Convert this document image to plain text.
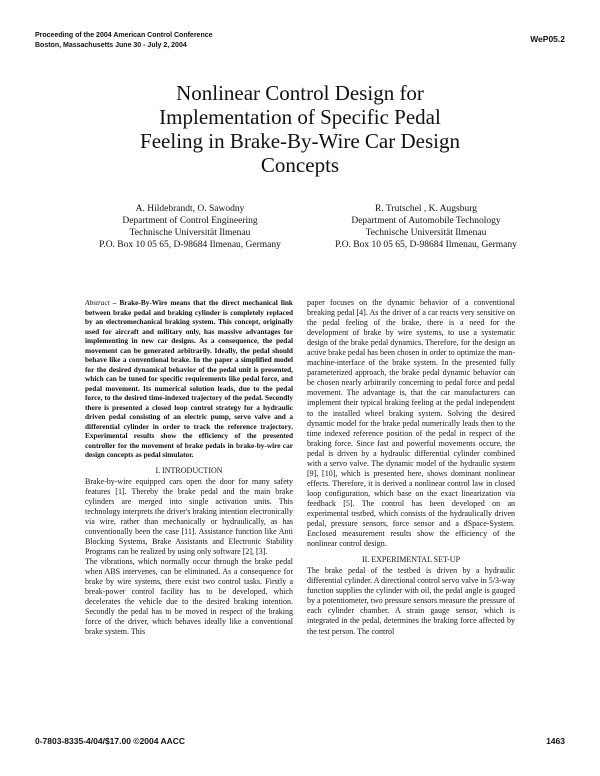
Proceeding of the 2004 American Control Conference
Boston, Massachusetts June 30 - July 2, 2004
WeP05.2
Nonlinear Control Design for
Implementation of Specific Pedal
Feeling in Brake-By-Wire Car Design
Concepts
A. Hildebrandt, O. Sawodny
Department of Control Engineering
Technische Universität Ilmenau
P.O. Box 10 05 65, D-98684 Ilmenau, Germany
R. Trutschel , K. Augsburg
Department of Automobile Technology
Technische Universität Ilmenau
P.O. Box 10 05 65, D-98684 Ilmenau, Germany

Abstract – Brake-By-Wire means that the direct mechanical link between brake pedal and braking cylinder is completely replaced by an electromechanical braking system. This concept, originally used for aircraft and military only, has massive advantages for implementing in new car designs. As a consequence, the pedal movement can be generated arbitrarily. Ideally, the pedal should behave like a conventional brake. In the paper a simplified model for the desired dynamical behavior of the pedal unit is presented, which can be tuned for specific requirements like pedal force, and pedal movement. Its numerical solution leads, due to the pedal force, to the desired time-indexed trajectory of the pedal. Secondly there is presented a closed loop control strategy for a hydraulic driven pedal consisting of an electric pump, servo valve and a differential cylinder in order to track the reference trajectory. Experimental results show the efficiency of the presented controller for the movement of brake pedals in brake-by-wire car design concepts as pedal simulator.

I. INTRODUCTION

Brake-by-wire equipped cars open the door for many safety features [1]. Thereby the brake pedal and the main brake cylinders are merged into single activation units. This technology interprets the driver's braking intention electronically via wire, rather than mechanically or hydraulically, as has conventionally been the case [11]. Assistance function like Anti Blocking Systems, Brake Assistants and Electronic Stability Programs can be realized by using only software [2], [3].

The vibrations, which normally occur through the brake pedal when ABS intervenes, can be eliminated. As a consequence for brake by wire systems, there exist two control tasks. Firstly a break-power control facility has to be developed, which decelerates the vehicle due to the desired braking intention. Secondly the pedal has to be moved in respect of the braking force of the driver, which behaves ideally like a conventional brake system. This

paper focuses on the dynamic behavior of a conventional breaking pedal [4]. As the driver of a car reacts very sensitive on the pedal feeling of the brake, there is a need for the development of brake by wire systems, to use a systematic design of the brake pedal dynamics. Therefore, for the design an active brake pedal has been chosen in order to optimize the man-machine-interface of the brake system. In the presented fully parameterized approach, the brake pedal dynamic behavior can be chosen nearly arbitrarily concerning to pedal force and pedal movement. The advantage is, that the car manufacturers can implement their typical braking feeling at the pedal independent to the installed wheel braking system. Solving the desired dynamic model for the brake pedal numerically leads then to the time indexed reference position of the pedal in respect of the braking force. Since fast and powerful movements occure, the pedal is driven by a hydraulic differential cylinder combined with a servo valve. The dynamic model of the hydraulic system [9], [10], which is presented here, shows dominant nonlinear effects. Therefore, it is derived a nonlinear control law in closed loop configuration, which base on the exact linearization via feedback [5]. The control has been developed on an experimental testbed, which consists of the hydraulically driven pedal, pressure sensors, force sensor and a dSpace-System. Enclosed measurement results show the efficiency of the nonlinear control design.

II. EXPERIMENTAL SET-UP

The brake pedal of the testbed is driven by a hydraulic differential cylinder. A directional control servo valve in 5/3-way function supplies the cylinder with oil, the pedal angle is gauged by a potentiometer, two pressure sensors measure the pressure of each cylinder chamber. A strain gauge sensor, which is integrated in the pedal, determines the braking force affected by the test person. The control

0-7803-8335-4/04/$17.00 ©2004 AACC	1463
